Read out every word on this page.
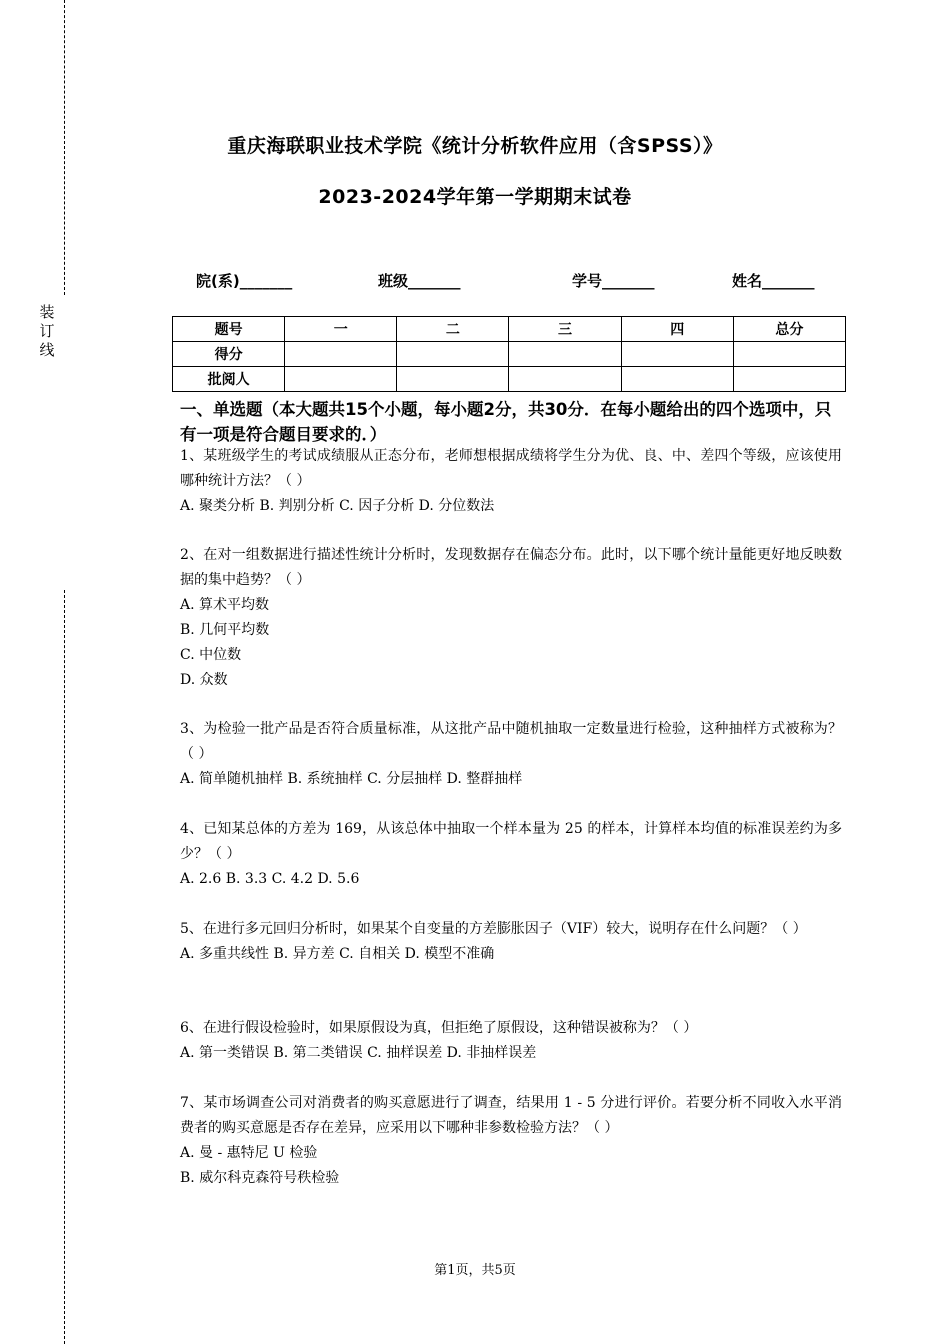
装
订
线
重庆海联职业技术学院《统计分析软件应用（含SPSS）》
2023-2024学年第一学期期末试卷
院(系)_______	班级_______	学号_______	姓名_______
题号	一	二	三	四	总分
得分					
批阅人					
一、单选题（本大题共15个小题，每小题2分，共30分．在每小题给出的四个选项中，只有一项是符合题目要求的．）
1、某班级学生的考试成绩服从正态分布，老师想根据成绩将学生分为优、良、中、差四个等级，应该使用哪种统计方法？（ ）
A. 聚类分析 B. 判别分析 C. 因子分析 D. 分位数法
2、在对一组数据进行描述性统计分析时，发现数据存在偏态分布。此时，以下哪个统计量能更好地反映数据的集中趋势？（ ）
A. 算术平均数
B. 几何平均数
C. 中位数
D. 众数
3、为检验一批产品是否符合质量标准，从这批产品中随机抽取一定数量进行检验，这种抽样方式被称为？（ ）
A. 简单随机抽样 B. 系统抽样 C. 分层抽样 D. 整群抽样
4、已知某总体的方差为 169，从该总体中抽取一个样本量为 25 的样本，计算样本均值的标准误差约为多少？（ ）
A. 2.6 B. 3.3 C. 4.2 D. 5.6
5、在进行多元回归分析时，如果某个自变量的方差膨胀因子（VIF）较大，说明存在什么问题？（ ）
A. 多重共线性 B. 异方差 C. 自相关 D. 模型不准确
6、在进行假设检验时，如果原假设为真，但拒绝了原假设，这种错误被称为？（ ）
A. 第一类错误 B. 第二类错误 C. 抽样误差 D. 非抽样误差
7、某市场调查公司对消费者的购买意愿进行了调查，结果用 1 - 5 分进行评价。若要分析不同收入水平消费者的购买意愿是否存在差异，应采用以下哪种非参数检验方法？（ ）
A. 曼 - 惠特尼 U 检验
B. 威尔科克森符号秩检验
第1页，共5页
